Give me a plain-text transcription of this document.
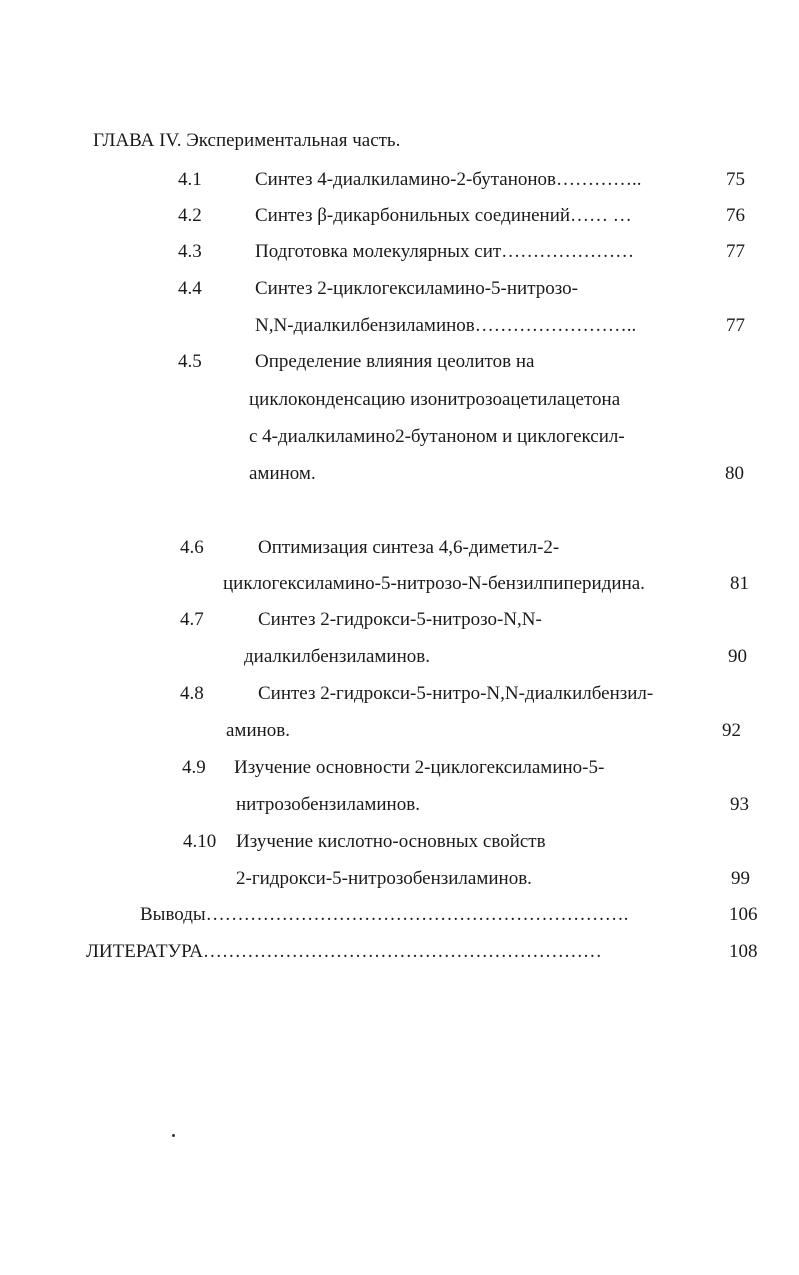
ГЛАВА IV. Экспериментальная часть.
4.1	Синтез 4-диалкиламино-2-бутанонов…………..	75
4.2	Синтез β-дикарбонильных соединений…… …	76
4.3	Подготовка молекулярных сит…………………	77
4.4	Синтез 2-циклогексиламино-5-нитрозо-
N,N-диалкилбензиламинов……………………..	77
4.5	Определение влияния цеолитов на
циклоконденсацию изонитрозоацетилацетона
с 4-диалкиламино2-бутаноном и циклогексил-
амином.	80
4.6	Оптимизация синтеза 4,6-диметил-2-
циклогексиламино-5-нитрозо-N-бензилпиперидина.	81
4.7	Синтез 2-гидрокси-5-нитрозо-N,N-
диалкилбензиламинов.	90
4.8	Синтез 2-гидрокси-5-нитро-N,N-диалкилбензил-
аминов.	92
4.9 Изучение основности 2-циклогексиламино-5-
нитрозобензиламинов.	93
4.10 Изучение кислотно-основных свойств
2-гидрокси-5-нитрозобензиламинов.	99
Выводы………………………………………………………….	106
ЛИТЕРАТУРА………………………………………………………	108
